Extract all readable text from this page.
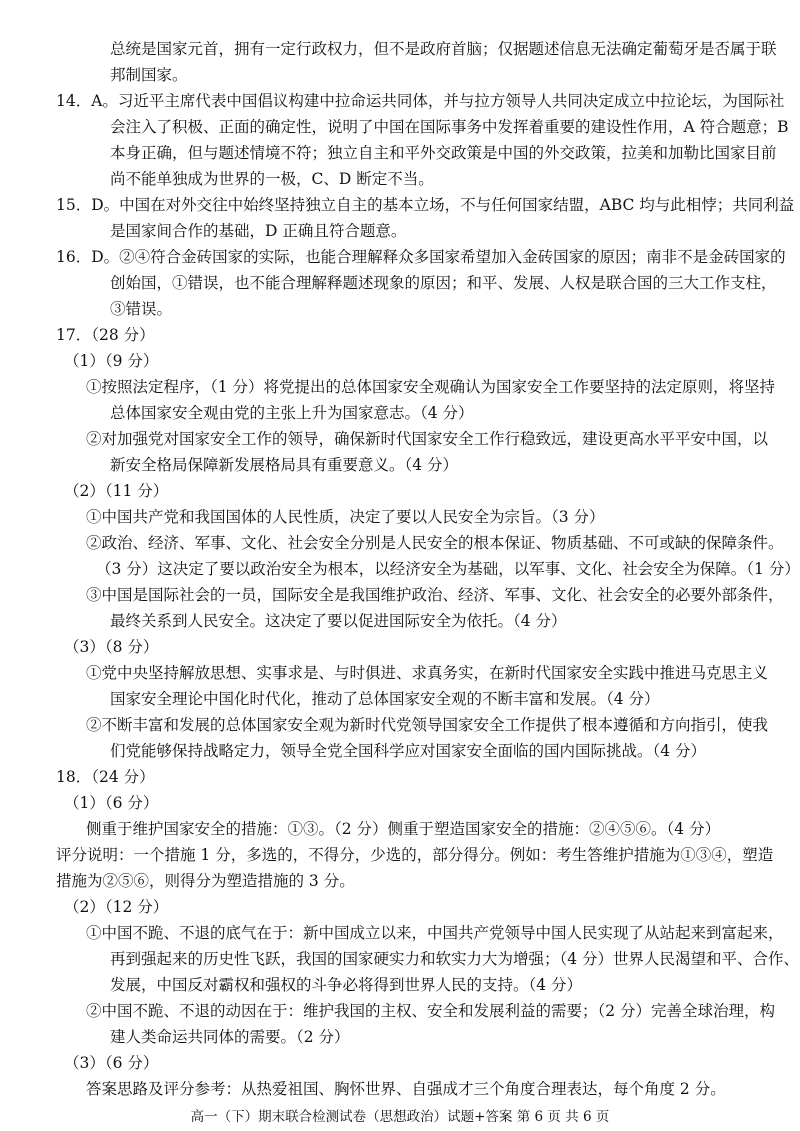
总统是国家元首，拥有一定行政权力，但不是政府首脑；仅据题述信息无法确定葡萄牙是否属于联
邦制国家。
14．A。习近平主席代表中国倡议构建中拉命运共同体，并与拉方领导人共同决定成立中拉论坛，为国际社
会注入了积极、正面的确定性，说明了中国在国际事务中发挥着重要的建设性作用，A 符合题意；B
本身正确，但与题述情境不符；独立自主和平外交政策是中国的外交政策，拉美和加勒比国家目前
尚不能单独成为世界的一极，C、D 断定不当。
15．D。中国在对外交往中始终坚持独立自主的基本立场，不与任何国家结盟，ABC 均与此相悖；共同利益
是国家间合作的基础，D 正确且符合题意。
16．D。②④符合金砖国家的实际，也能合理解释众多国家希望加入金砖国家的原因；南非不是金砖国家的
创始国，①错误，也不能合理解释题述现象的原因；和平、发展、人权是联合国的三大工作支柱，
③错误。
17．（28 分）
（1）（9 分）
①按照法定程序，（1 分）将党提出的总体国家安全观确认为国家安全工作要坚持的法定原则，将坚持
总体国家安全观由党的主张上升为国家意志。（4 分）
②对加强党对国家安全工作的领导，确保新时代国家安全工作行稳致远，建设更高水平平安中国，以
新安全格局保障新发展格局具有重要意义。（4 分）
（2）（11 分）
①中国共产党和我国国体的人民性质，决定了要以人民安全为宗旨。（3 分）
②政治、经济、军事、文化、社会安全分别是人民安全的根本保证、物质基础、不可或缺的保障条件。
（3 分）这决定了要以政治安全为根本，以经济安全为基础，以军事、文化、社会安全为保障。（1 分）
③中国是国际社会的一员，国际安全是我国维护政治、经济、军事、文化、社会安全的必要外部条件，
最终关系到人民安全。这决定了要以促进国际安全为依托。（4 分）
（3）（8 分）
①党中央坚持解放思想、实事求是、与时俱进、求真务实，在新时代国家安全实践中推进马克思主义
国家安全理论中国化时代化，推动了总体国家安全观的不断丰富和发展。（4 分）
②不断丰富和发展的总体国家安全观为新时代党领导国家安全工作提供了根本遵循和方向指引，使我
们党能够保持战略定力，领导全党全国科学应对国家安全面临的国内国际挑战。（4 分）
18．（24 分）
（1）（6 分）
侧重于维护国家安全的措施：①③。（2 分）侧重于塑造国家安全的措施：②④⑤⑥。（4 分）
评分说明：一个措施 1 分，多选的，不得分，少选的，部分得分。例如：考生答维护措施为①③④，塑造
措施为②⑤⑥，则得分为塑造措施的 3 分。
（2）（12 分）
①中国不跪、不退的底气在于：新中国成立以来，中国共产党领导中国人民实现了从站起来到富起来，
再到强起来的历史性飞跃，我国的国家硬实力和软实力大为增强；（4 分）世界人民渴望和平、合作、
发展，中国反对霸权和强权的斗争必将得到世界人民的支持。（4 分）
②中国不跪、不退的动因在于：维护我国的主权、安全和发展利益的需要；（2 分）完善全球治理，构
建人类命运共同体的需要。（2 分）
（3）（6 分）
答案思路及评分参考：从热爱祖国、胸怀世界、自强成才三个角度合理表达，每个角度 2 分。
高一（下）期末联合检测试卷（思想政治）试题+答案 第 6 页 共 6 页
